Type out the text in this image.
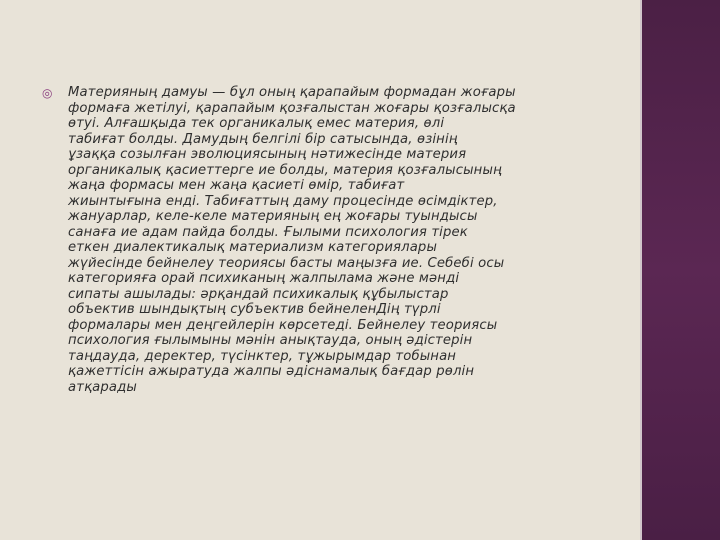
◎ Материяның дамуы — бұл оның қарапайым формадан жоғары
формаға жетілуі, қарапайым қозғалыстан жоғары қозғалысқа
өтуі. Алғашқыда тек органикалық емес материя, өлі
табиғат болды. Дамудың белгілі бір сатысында, өзінің
ұзаққа созылған эволюциясының нәтижесінде материя
органикалық қасиеттерге ие болды, материя қозғалысының
жаңа формасы мен жаңа қасиеті өмір, табиғат
жиынтығына енді. Табиғаттың даму процесінде өсімдіктер,
жануарлар, келе-келе материяның ең жоғары туындысы
санаға ие адам пайда болды. Ғылыми психология тірек
еткен диалектикалық материализм категориялары
жүйесінде бейнелеу теориясы басты маңызға ие. Себебі осы
категорияға орай психиканың жалпылама және мәнді
сипаты ашылады: әрқандай психикалық құбылыстар
объектив шындықтың субъектив бейнеленДің түрлі
формалары мен деңгейлерін көрсетеді. Бейнелеу теориясы
психология ғылымыны мәнін анықтауда, оның әдістерін
таңдауда, деректер, түсінктер, тұжырымдар тобынан
қажеттісін ажыратуда жалпы әдіснамалық бағдар рөлін
атқарады
